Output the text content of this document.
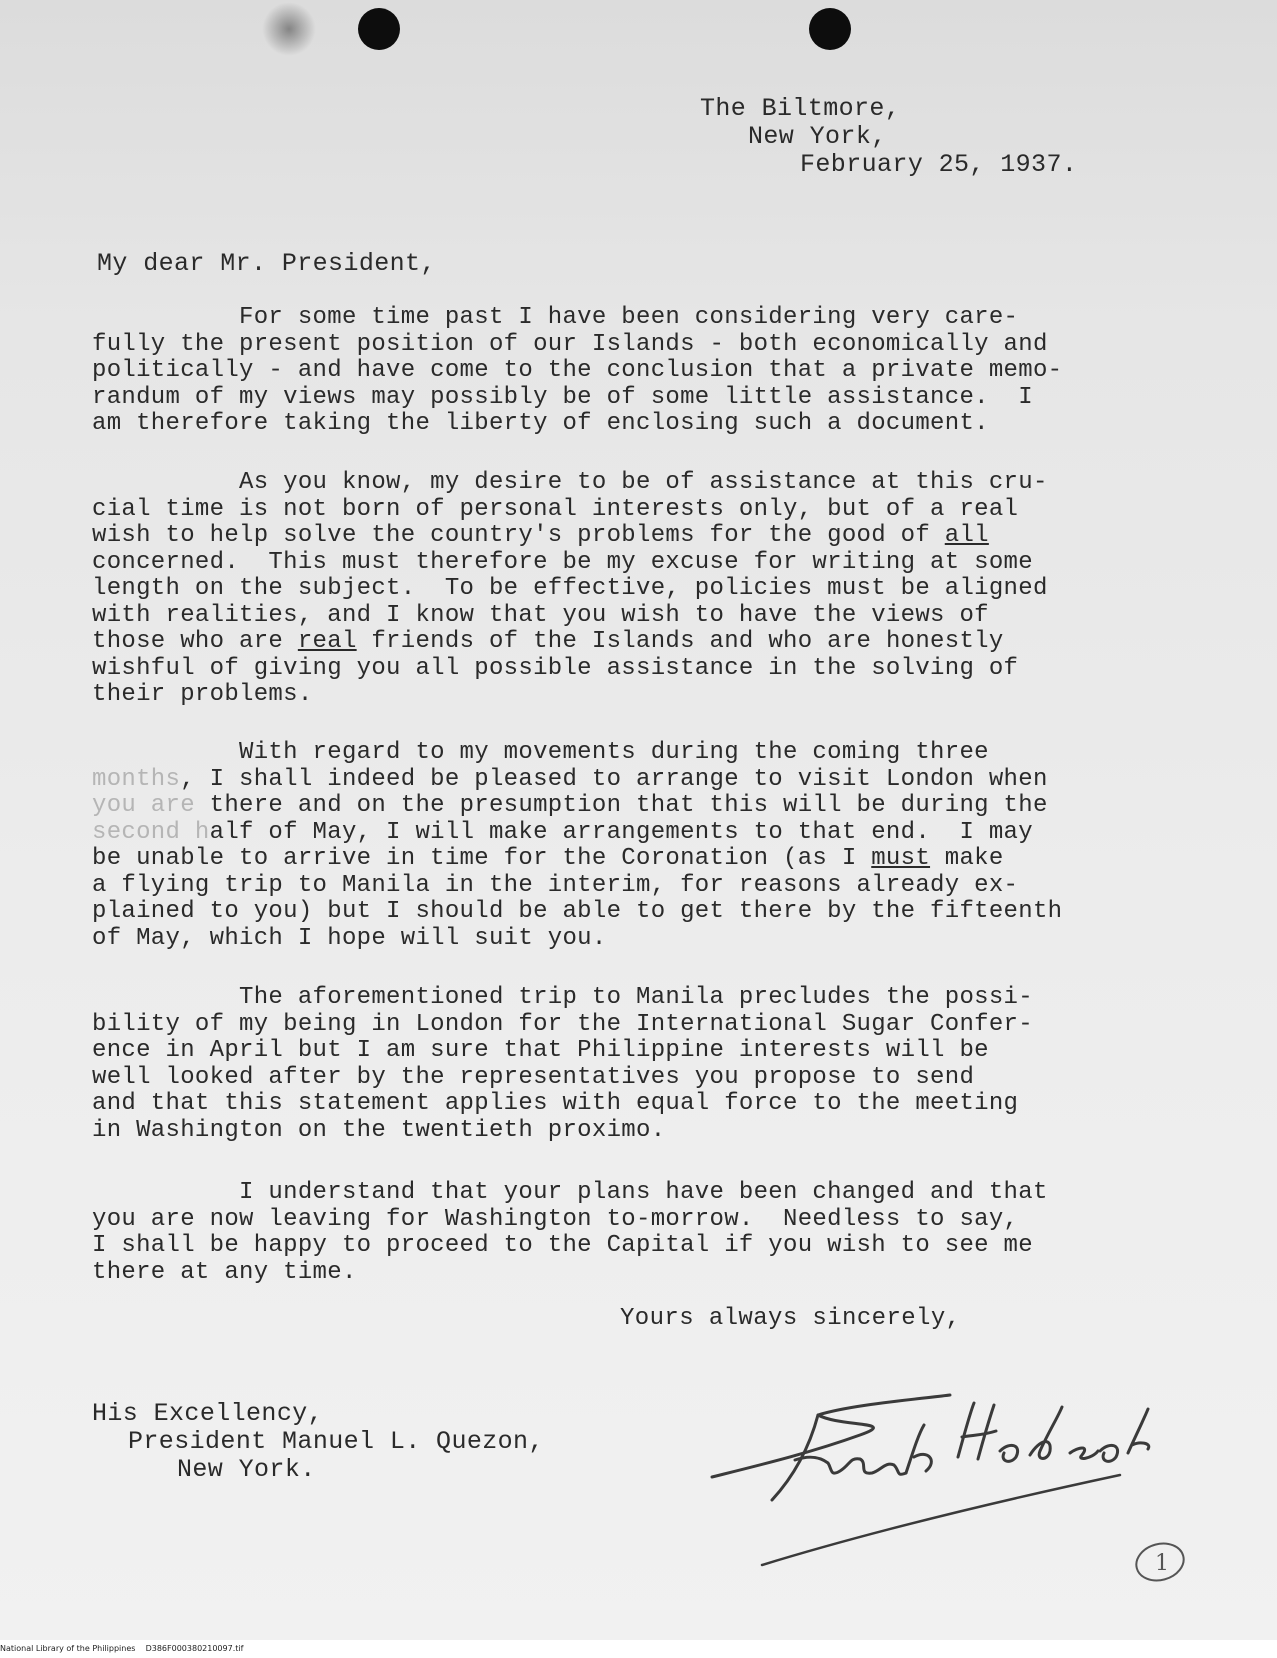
The Biltmore,
New York,
February 25, 1937.
My dear Mr. President,

For some time past I have been considering very care-

fully the present position of our Islands - both economically and

politically - and have come to the conclusion that a private memo-

randum of my views may possibly be of some little assistance.  I

am therefore taking the liberty of enclosing such a document.

As you know, my desire to be of assistance at this cru-

cial time is not born of personal interests only, but of a real

wish to help solve the country's problems for the good of all

concerned.  This must therefore be my excuse for writing at some

length on the subject.  To be effective, policies must be aligned

with realities, and I know that you wish to have the views of

those who are real friends of the Islands and who are honestly

wishful of giving you all possible assistance in the solving of

their problems.

With regard to my movements during the coming three

months, I shall indeed be pleased to arrange to visit London when

you are there and on the presumption that this will be during the

second half of May, I will make arrangements to that end.  I may

be unable to arrive in time for the Coronation (as I must make

a flying trip to Manila in the interim, for reasons already ex-

plained to you) but I should be able to get there by the fifteenth

of May, which I hope will suit you.

The aforementioned trip to Manila precludes the possi-

bility of my being in London for the International Sugar Confer-

ence in April but I am sure that Philippine interests will be

well looked after by the representatives you propose to send

and that this statement applies with equal force to the meeting

in Washington on the twentieth proximo.

I understand that your plans have been changed and that

you are now leaving for Washington to-morrow.  Needless to say,

I shall be happy to proceed to the Capital if you wish to see me

there at any time.

Yours always sincerely,
His Excellency,
President Manuel L. Quezon,
New York.
1
National Library of the Philippines D386F000380210097.tif
